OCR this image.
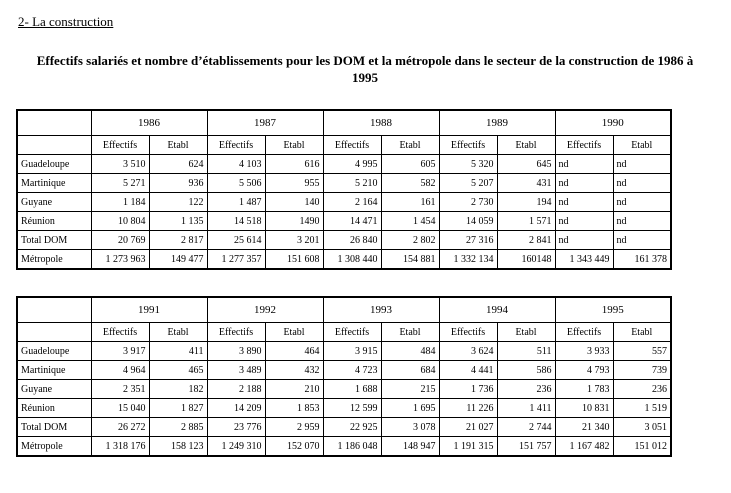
2- La construction
Effectifs salariés et nombre d’établissements pour les DOM et la métropole dans le secteur de la construction de 1986 à 1995
	1986		1987		1988		1989		1990	
	Effectifs	Etabl	Effectifs	Etabl	Effectifs	Etabl	Effectifs	Etabl	Effectifs	Etabl
Guadeloupe	3 510	624	4 103	616	4 995	605	5 320	645	nd	nd
Martinique	5 271	936	5 506	955	5 210	582	5 207	431	nd	nd
Guyane	1 184	122	1 487	140	2 164	161	2 730	194	nd	nd
Réunion	10 804	1 135	14 518	1490	14 471	1 454	14 059	1 571	nd	nd
Total DOM	20 769	2 817	25 614	3 201	26 840	2 802	27 316	2 841	nd	nd
Métropole	1 273 963	149 477	1 277 357	151 608	1 308 440	154 881	1 332 134	160148	1 343 449	161 378
	1991		1992		1993		1994		1995	
	Effectifs	Etabl	Effectifs	Etabl	Effectifs	Etabl	Effectifs	Etabl	Effectifs	Etabl
Guadeloupe	3 917	411	3 890	464	3 915	484	3 624	511	3 933	557
Martinique	4 964	465	3 489	432	4 723	684	4 441	586	4 793	739
Guyane	2 351	182	2 188	210	1 688	215	1 736	236	1 783	236
Réunion	15 040	1 827	14 209	1 853	12 599	1 695	11 226	1 411	10 831	1 519
Total DOM	26 272	2 885	23 776	2 959	22 925	3 078	21 027	2 744	21 340	3 051
Métropole	1 318 176	158 123	1 249 310	152 070	1 186 048	148 947	1 191 315	151 757	1 167 482	151 012
